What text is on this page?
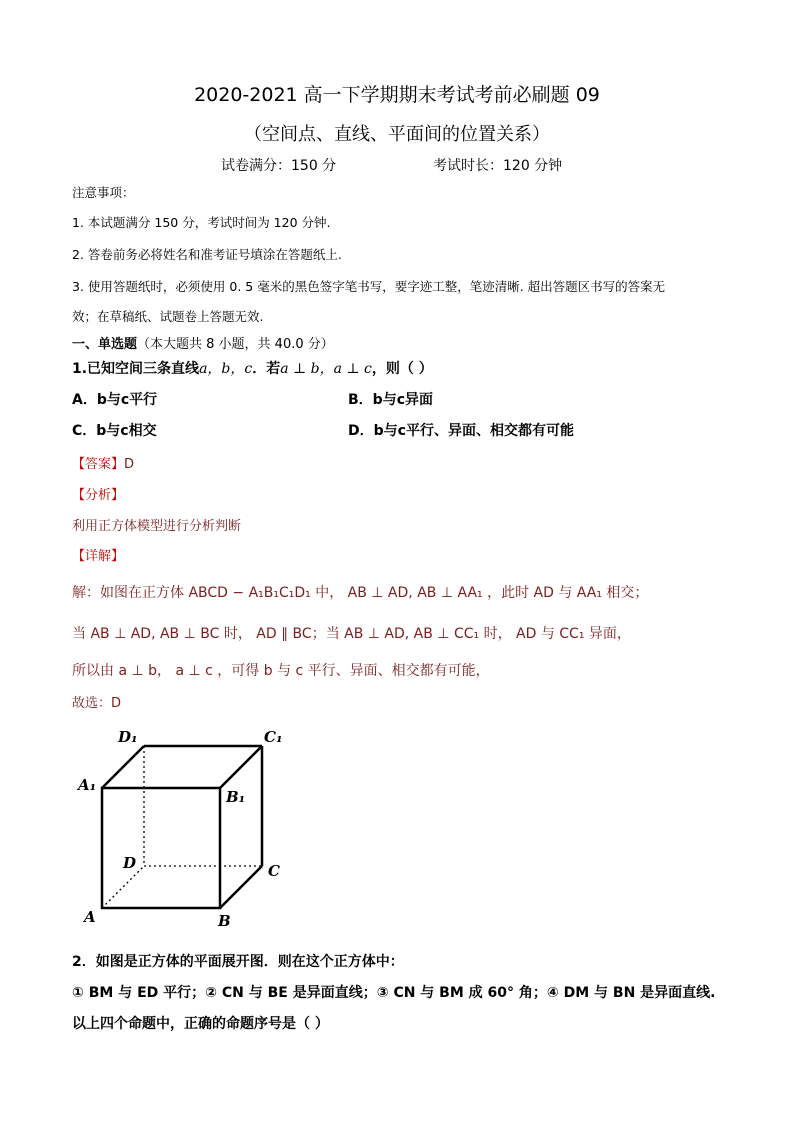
2020-2021 高一下学期期末考试考前必刷题 09
（空间点、直线、平面间的位置关系）
试卷满分：150 分	考试时长：120 分钟
注意事项：
1. 本试题满分 150 分，考试时间为 120 分钟.
2. 答卷前务必将姓名和准考证号填涂在答题纸上.
3. 使用答题纸时，必须使用 0. 5 毫米的黑色签字笔书写，要字迹工整，笔迹清晰. 超出答题区书写的答案无
效；在草稿纸、试题卷上答题无效.
一、单选题（本大题共 8 小题，共 40.0 分）
1.已知空间三条直线a，b，c．若a ⊥ b，a ⊥ c，则（ ）
A．b与c平行	B．b与c异面
C．b与c相交	D．b与c平行、异面、相交都有可能
【答案】D
【分析】
利用正方体模型进行分析判断
【详解】
解：如图在正方体 ABCD − A₁B₁C₁D₁ 中， AB ⊥ AD, AB ⊥ AA₁ ，此时 AD 与 AA₁ 相交；
当 AB ⊥ AD, AB ⊥ BC 时， AD ∥ BC；当 AB ⊥ AD, AB ⊥ CC₁ 时， AD 与 CC₁ 异面，
所以由 a ⊥ b， a ⊥ c ，可得 b 与 c 平行、异面、相交都有可能，
故选：D
D₁	C₁
A₁
B₁
D	C
A	B
2．如图是正方体的平面展开图．则在这个正方体中：
① BM 与 ED 平行；② CN 与 BE 是异面直线；③ CN 与 BM 成 60° 角；④ DM 与 BN 是异面直线.
以上四个命题中，正确的命题序号是（ ）
